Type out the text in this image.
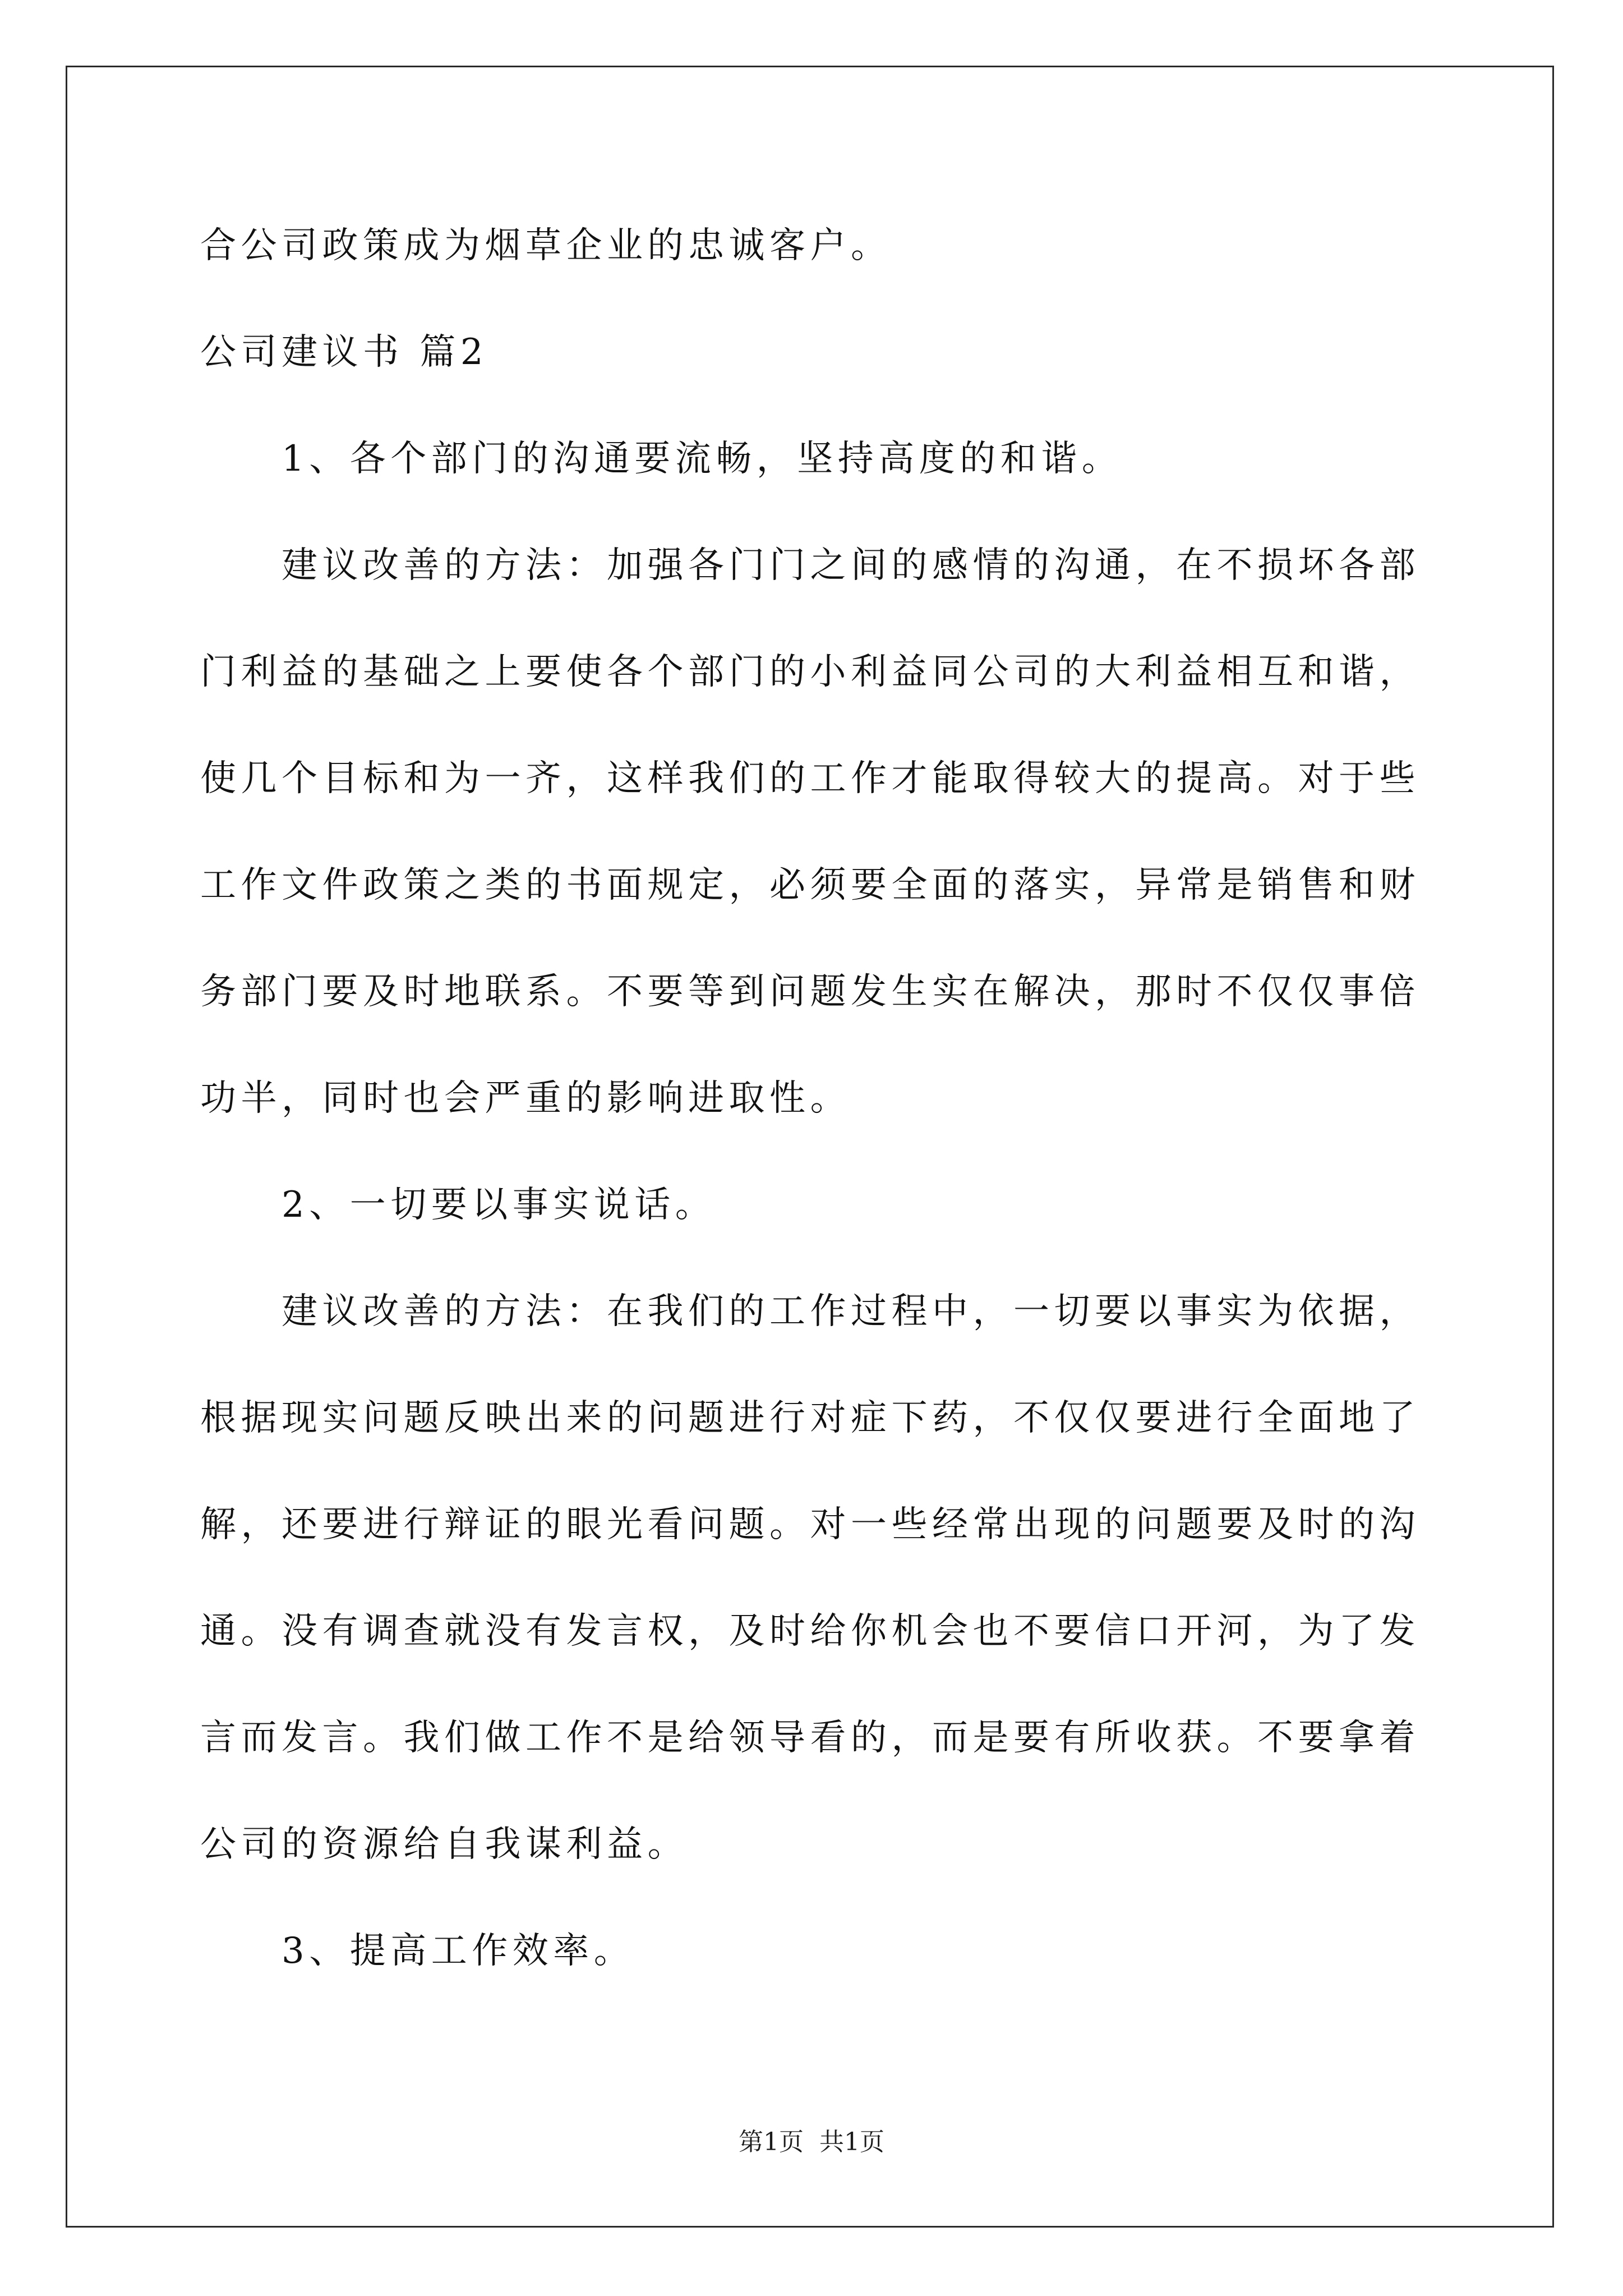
合公司政策成为烟草企业的忠诚客户。
公司建议书 篇2
1、各个部门的沟通要流畅，坚持高度的和谐。
建议改善的方法：加强各门门之间的感情的沟通，在不损坏各部
门利益的基础之上要使各个部门的小利益同公司的大利益相互和谐，
使几个目标和为一齐，这样我们的工作才能取得较大的提高。对于些
工作文件政策之类的书面规定，必须要全面的落实，异常是销售和财
务部门要及时地联系。不要等到问题发生实在解决，那时不仅仅事倍
功半，同时也会严重的影响进取性。
2、一切要以事实说话。
建议改善的方法：在我们的工作过程中，一切要以事实为依据，
根据现实问题反映出来的问题进行对症下药，不仅仅要进行全面地了
解，还要进行辩证的眼光看问题。对一些经常出现的问题要及时的沟
通。没有调查就没有发言权，及时给你机会也不要信口开河，为了发
言而发言。我们做工作不是给领导看的，而是要有所收获。不要拿着
公司的资源给自我谋利益。
3、提高工作效率。
第1页  共1页
